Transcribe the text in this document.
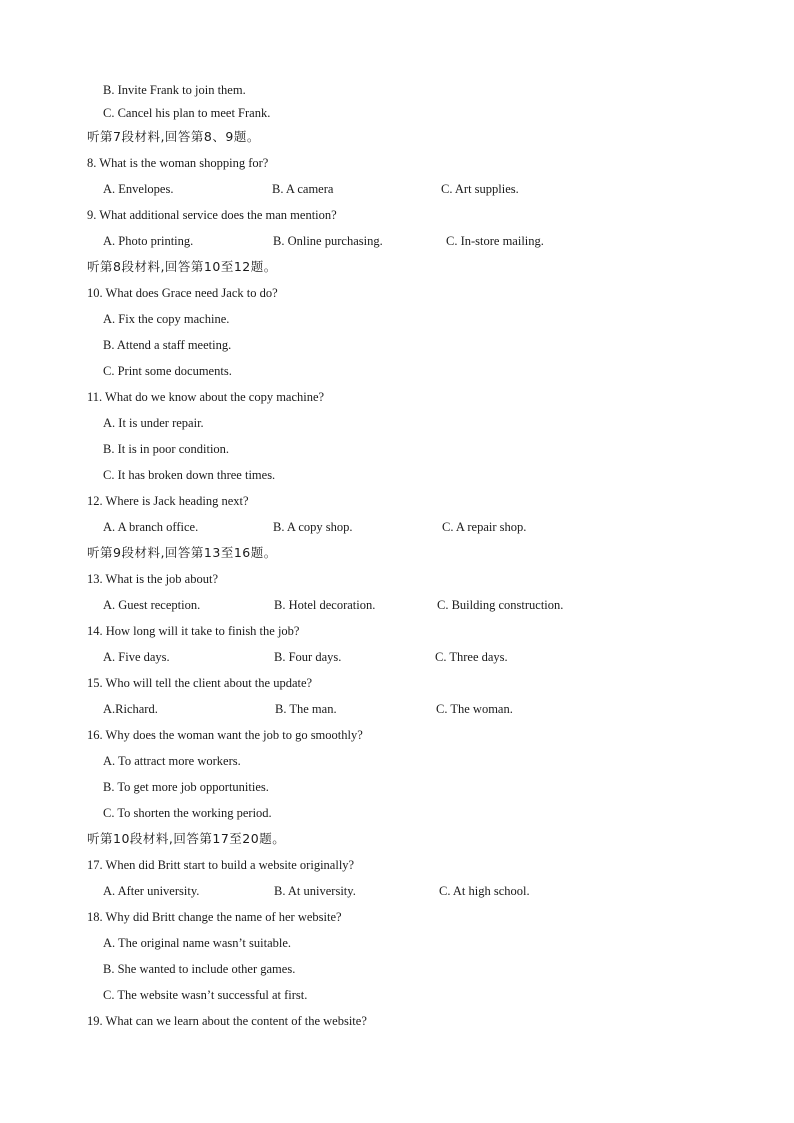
B. Invite Frank to join them.
C. Cancel his plan to meet Frank.
听第7段材料,回答第8、9题。
8. What is the woman shopping for?
A. Envelopes.	B. A camera	C. Art supplies.
9. What additional service does the man mention?
A. Photo printing.	B. Online purchasing.	C. In-store mailing.
听第8段材料,回答第10至12题。
10. What does Grace need Jack to do?
A. Fix the copy machine.
B. Attend a staff meeting.
C. Print some documents.
11. What do we know about the copy machine?
A. It is under repair.
B. It is in poor condition.
C. It has broken down three times.
12. Where is Jack heading next?
A. A branch office.	B. A copy shop.	C. A repair shop.
听第9段材料,回答第13至16题。
13. What is the job about?
A. Guest reception.	B. Hotel decoration.	C. Building construction.
14. How long will it take to finish the job?
A. Five days.	B. Four days.	C. Three days.
15. Who will tell the client about the update?
A.Richard.	B. The man.	C. The woman.
16. Why does the woman want the job to go smoothly?
A. To attract more workers.
B. To get more job opportunities.
C. To shorten the working period.
听第10段材料,回答第17至20题。
17. When did Britt start to build a website originally?
A. After university.	B. At university.	C. At high school.
18. Why did Britt change the name of her website?
A. The original name wasn’t suitable.
B. She wanted to include other games.
C. The website wasn’t successful at first.
19. What can we learn about the content of the website?
